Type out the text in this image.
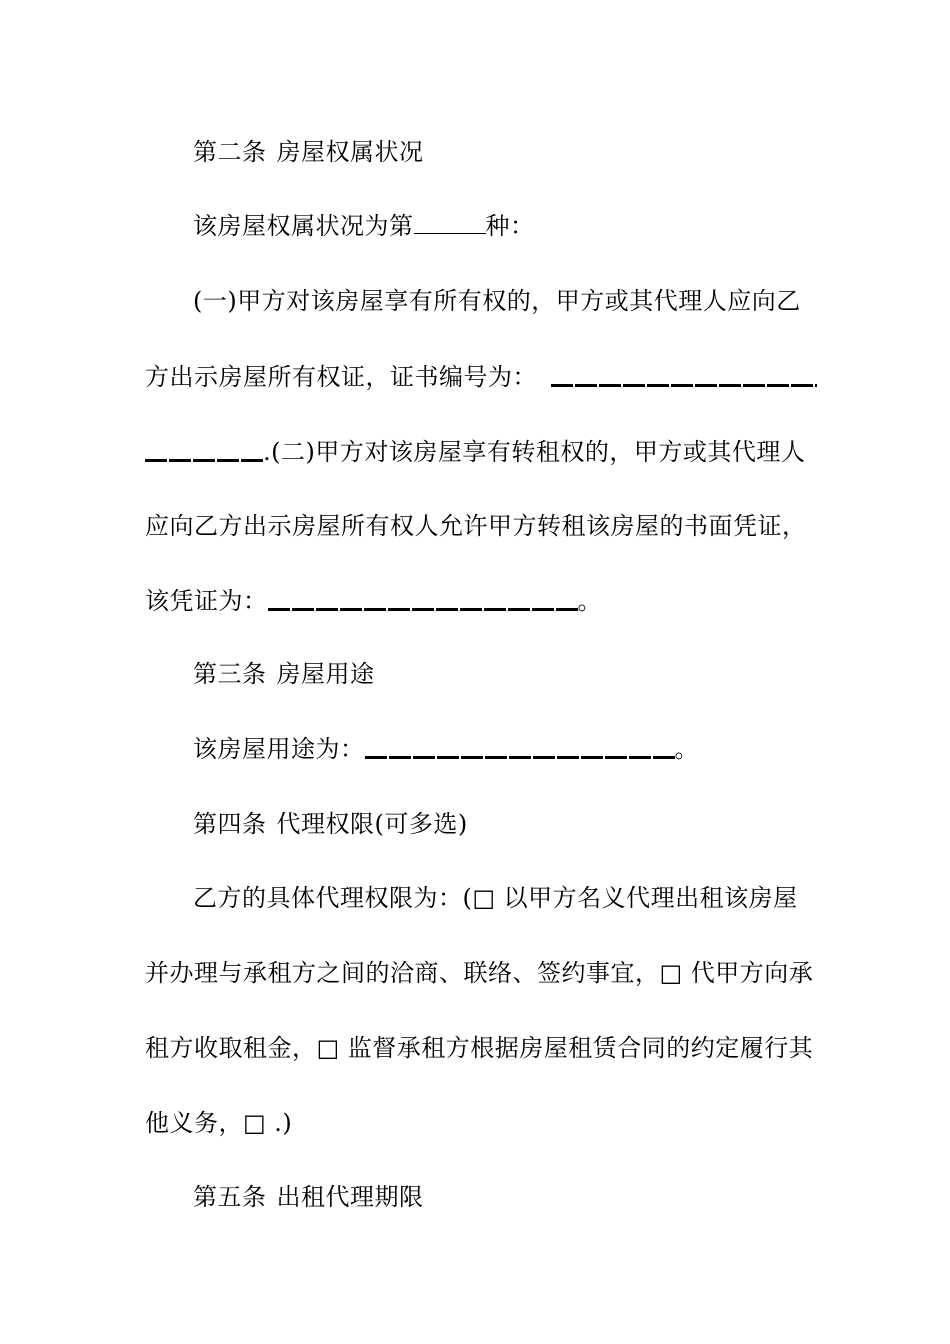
第二条 房屋权属状况
该房屋权属状况为第	种：
(一)甲方对该房屋享有所有权的，甲方或其代理人应向乙
方出示房屋所有权证，证书编号为：
.(二)甲方对该房屋享有转租权的，甲方或其代理人
应向乙方出示房屋所有权人允许甲方转租该房屋的书面凭证，
该凭证为：	。
第三条 房屋用途
该房屋用途为：	。
第四条 代理权限(可多选)
乙方的具体代理权限为：(□ 以甲方名义代理出租该房屋
并办理与承租方之间的洽商、联络、签约事宜，□ 代甲方向承
租方收取租金，□ 监督承租方根据房屋租赁合同的约定履行其
他义务，□ .)
第五条 出租代理期限
